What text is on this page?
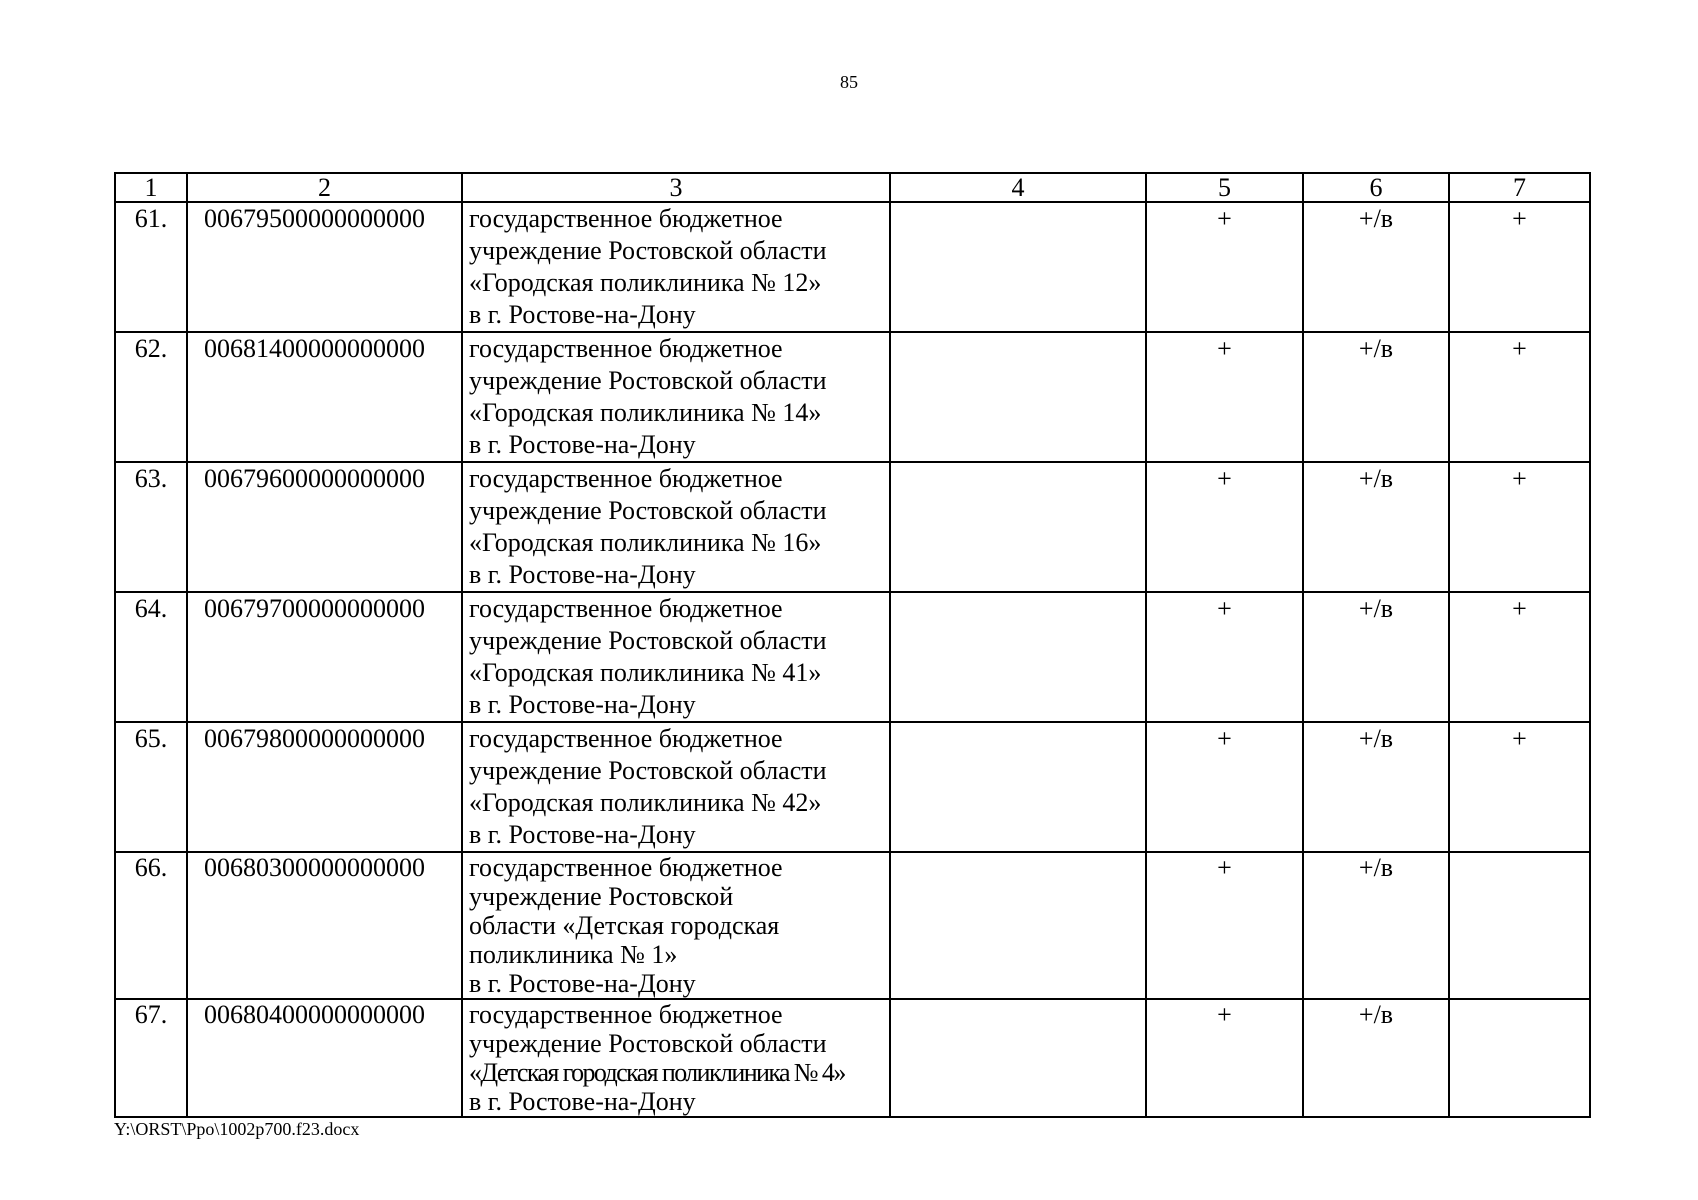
85
1	2	3	4	5	6	7
61.	00679500000000000	государственное бюджетное
учреждение Ростовской области
«Городская поликлиника № 12»
в г. Ростове-на-Дону		+	+/в	+
62.	00681400000000000	государственное бюджетное
учреждение Ростовской области
«Городская поликлиника № 14»
в г. Ростове-на-Дону		+	+/в	+
63.	00679600000000000	государственное бюджетное
учреждение Ростовской области
«Городская поликлиника № 16»
в г. Ростове-на-Дону		+	+/в	+
64.	00679700000000000	государственное бюджетное
учреждение Ростовской области
«Городская поликлиника № 41»
в г. Ростове-на-Дону		+	+/в	+
65.	00679800000000000	государственное бюджетное
учреждение Ростовской области
«Городская поликлиника № 42»
в г. Ростове-на-Дону		+	+/в	+
66.	00680300000000000	государственное бюджетное
учреждение Ростовской
области «Детская городская
поликлиника № 1»
в г. Ростове-на-Дону		+	+/в	
67.	00680400000000000	государственное бюджетное
учреждение Ростовской области
«Детская городская поликлиника № 4»
в г. Ростове-на-Дону		+	+/в	
Y:\ORST\Ppo\1002p700.f23.docx
